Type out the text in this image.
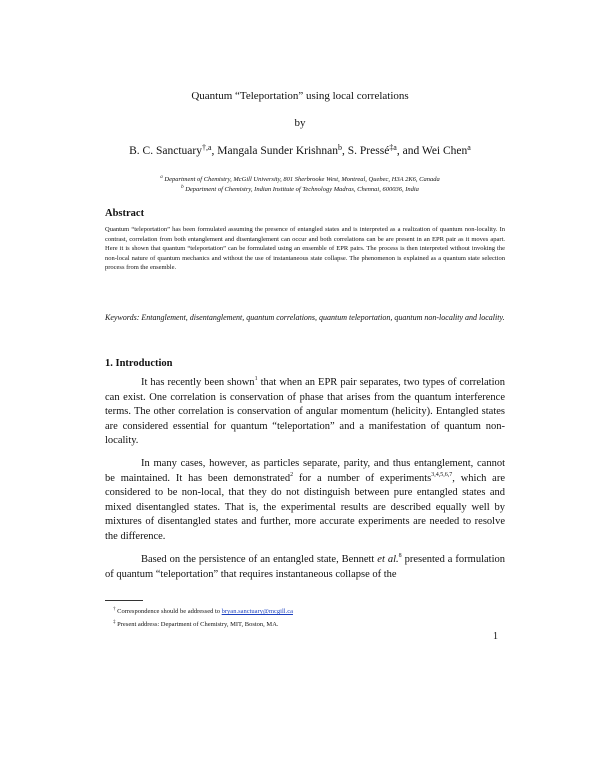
Quantum “Teleportation” using local correlations
by
B. C. Sanctuary$^{\dagger,a}$, Mangala Sunder Krishnan$^b$, S. Pressé$^{\ddagger a}$, and Wei Chen$^a$
$^a$ Department of Chemistry, McGill University, 801 Sherbrooke West, Montreal, Quebec, H3A 2K6, Canada
$^b$ Department of Chemistry, Indian Institute of Technology Madras, Chennai, 600036, India
Abstract
Quantum “teleportation” has been formulated assuming the presence of entangled states and is interpreted as a realization of quantum non-locality. In contrast, correlation from both entanglement and disentanglement can occur and both correlations can be are present in an EPR pair as it moves apart. Here it is shown that quantum “teleportation” can be formulated using an ensemble of EPR pairs. The process is then interpreted without invoking the non-local nature of quantum mechanics and without the use of instantaneous state collapse. The phenomenon is explained as a quantum state selection process from the ensemble.
Keywords: Entanglement, disentanglement, quantum correlations, quantum teleportation, quantum non-locality and locality.
1. Introduction
It has recently been shown$^1$ that when an EPR pair separates, two types of correlation can exist. One correlation is conservation of phase that arises from the quantum interference terms. The other correlation is conservation of angular momentum (helicity). Entangled states are considered essential for quantum “teleportation” and a manifestation of quantum non-locality.
In many cases, however, as particles separate, parity, and thus entanglement, cannot be maintained. It has been demonstrated$^2$ for a number of experiments$^{3,4,5,6,7}$, which are considered to be non-local, that they do not distinguish between pure entangled states and mixed disentangled states. That is, the experimental results are described equally well by mixtures of disentangled states and further, more accurate experiments are needed to resolve the difference.
Based on the persistence of an entangled state, Bennett et al.$^8$ presented a formulation of quantum “teleportation” that requires instantaneous collapse of the
† Correspondence should be addressed to bryan.sanctuary@mcgill.ca
‡ Present address: Department of Chemistry, MIT, Boston, MA.
1
